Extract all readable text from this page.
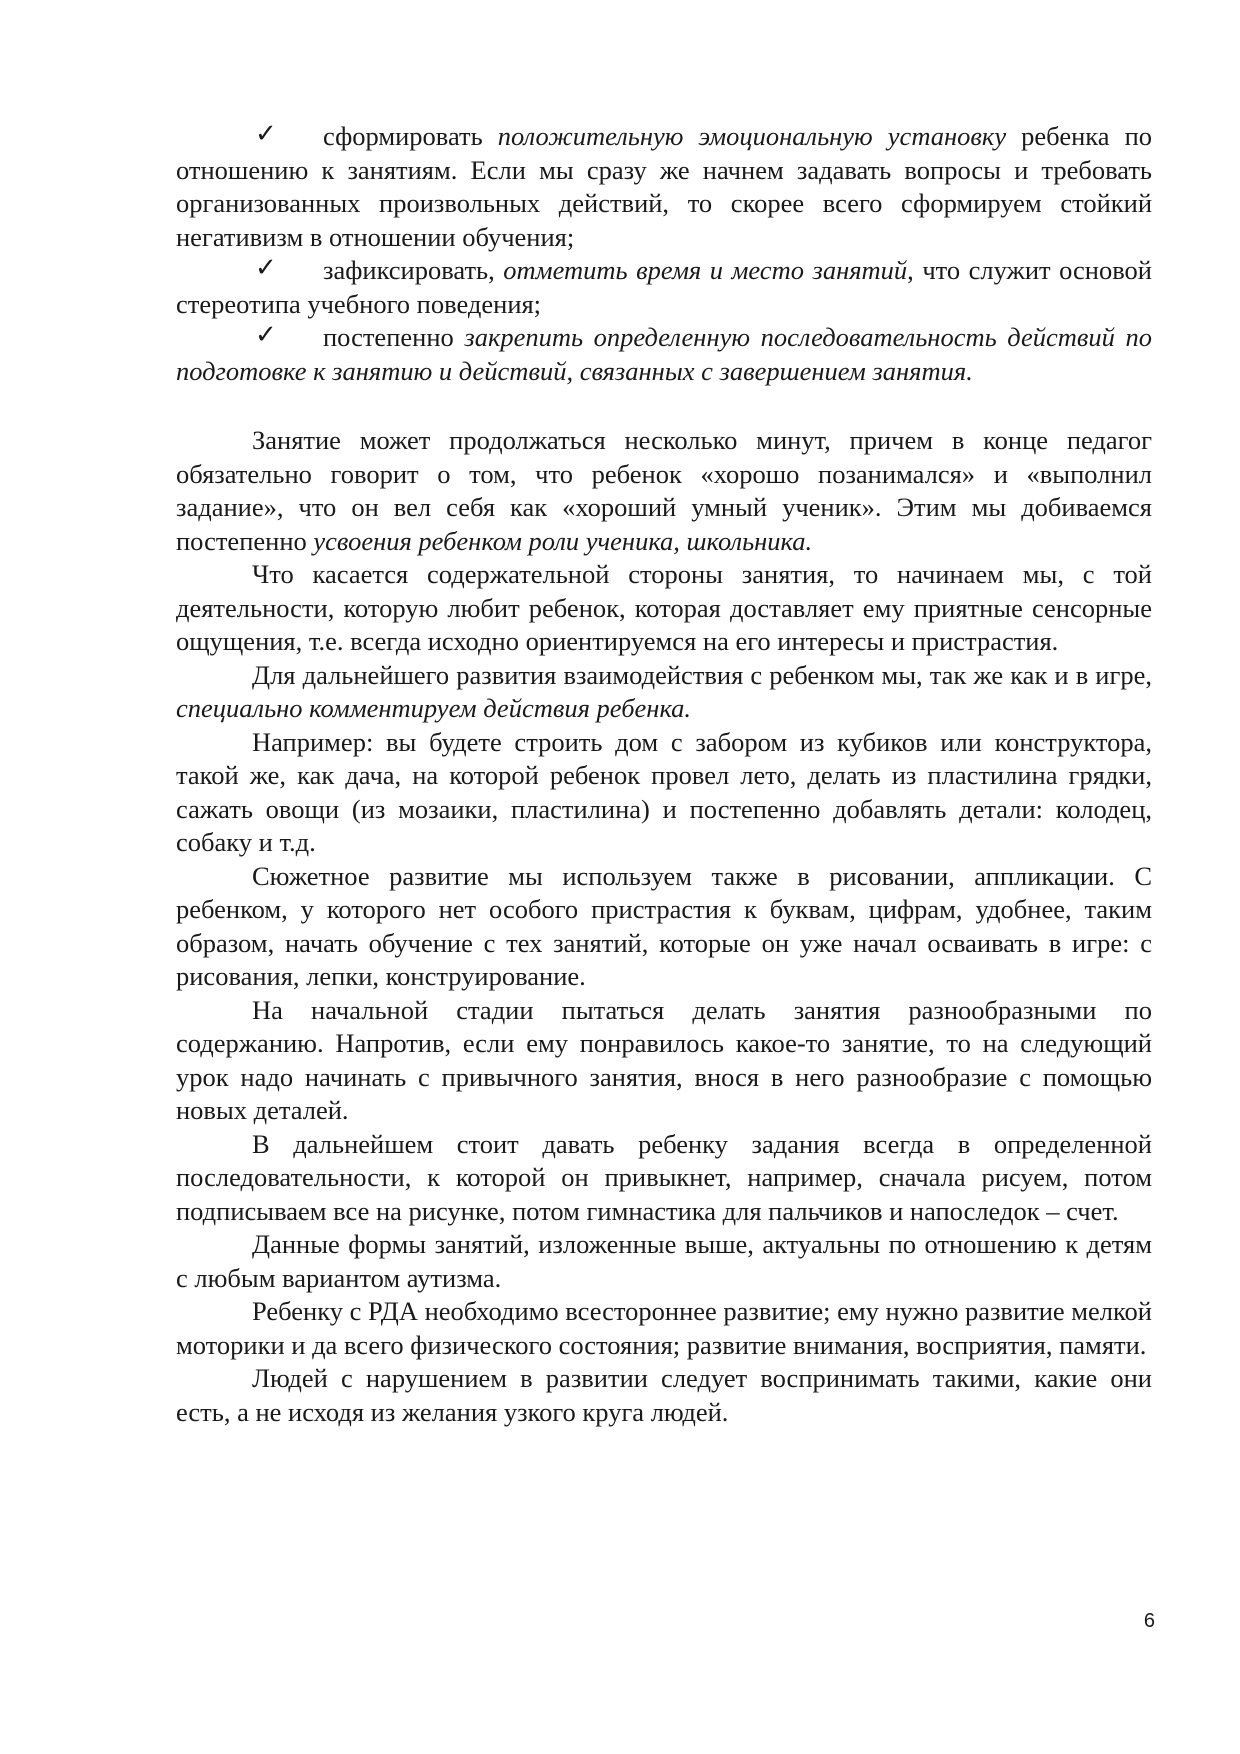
✓ сформировать положительную эмоциональную установку ребенка по отношению к занятиям. Если мы сразу же начнем задавать вопросы и требовать организованных произвольных действий, то скорее всего сформируем стойкий негативизм в отношении обучения;

✓ зафиксировать, отметить время и место занятий, что служит основой стереотипа учебного поведения;

✓ постепенно закрепить определенную последовательность действий по подготовке к занятию и действий, связанных с завершением занятия.

Занятие может продолжаться несколько минут, причем в конце педагог обязательно говорит о том, что ребенок «хорошо позанимался» и «выполнил задание», что он вел себя как «хороший умный ученик». Этим мы добиваемся постепенно усвоения ребенком роли ученика, школьника.

Что касается содержательной стороны занятия, то начинаем мы, с той деятельности, которую любит ребенок, которая доставляет ему приятные сенсорные ощущения, т.е. всегда исходно ориентируемся на его интересы и пристрастия.

Для дальнейшего развития взаимодействия с ребенком мы, так же как и в игре, специально комментируем действия ребенка.

Например: вы будете строить дом с забором из кубиков или конструктора, такой же, как дача, на которой ребенок провел лето, делать из пластилина грядки, сажать овощи (из мозаики, пластилина) и постепенно добавлять детали: колодец, собаку и т.д.

Сюжетное развитие мы используем также в рисовании, аппликации. С ребенком, у которого нет особого пристрастия к буквам, цифрам, удобнее, таким образом, начать обучение с тех занятий, которые он уже начал осваивать в игре: с рисования, лепки, конструирование.

На начальной стадии пытаться делать занятия разнообразными по содержанию. Напротив, если ему понравилось какое-то занятие, то на следующий урок надо начинать с привычного занятия, внося в него разнообразие с помощью новых деталей.

В дальнейшем стоит давать ребенку задания всегда в определенной последовательности, к которой он привыкнет, например, сначала рисуем, потом подписываем все на рисунке, потом гимнастика для пальчиков и напоследок – счет.

Данные формы занятий, изложенные выше, актуальны по отношению к детям с любым вариантом аутизма.

Ребенку с РДА необходимо всестороннее развитие; ему нужно развитие мелкой моторики и да всего физического состояния; развитие внимания, восприятия, памяти.

Людей с нарушением в развитии следует воспринимать такими, какие они есть, а не исходя из желания узкого круга людей.

6
